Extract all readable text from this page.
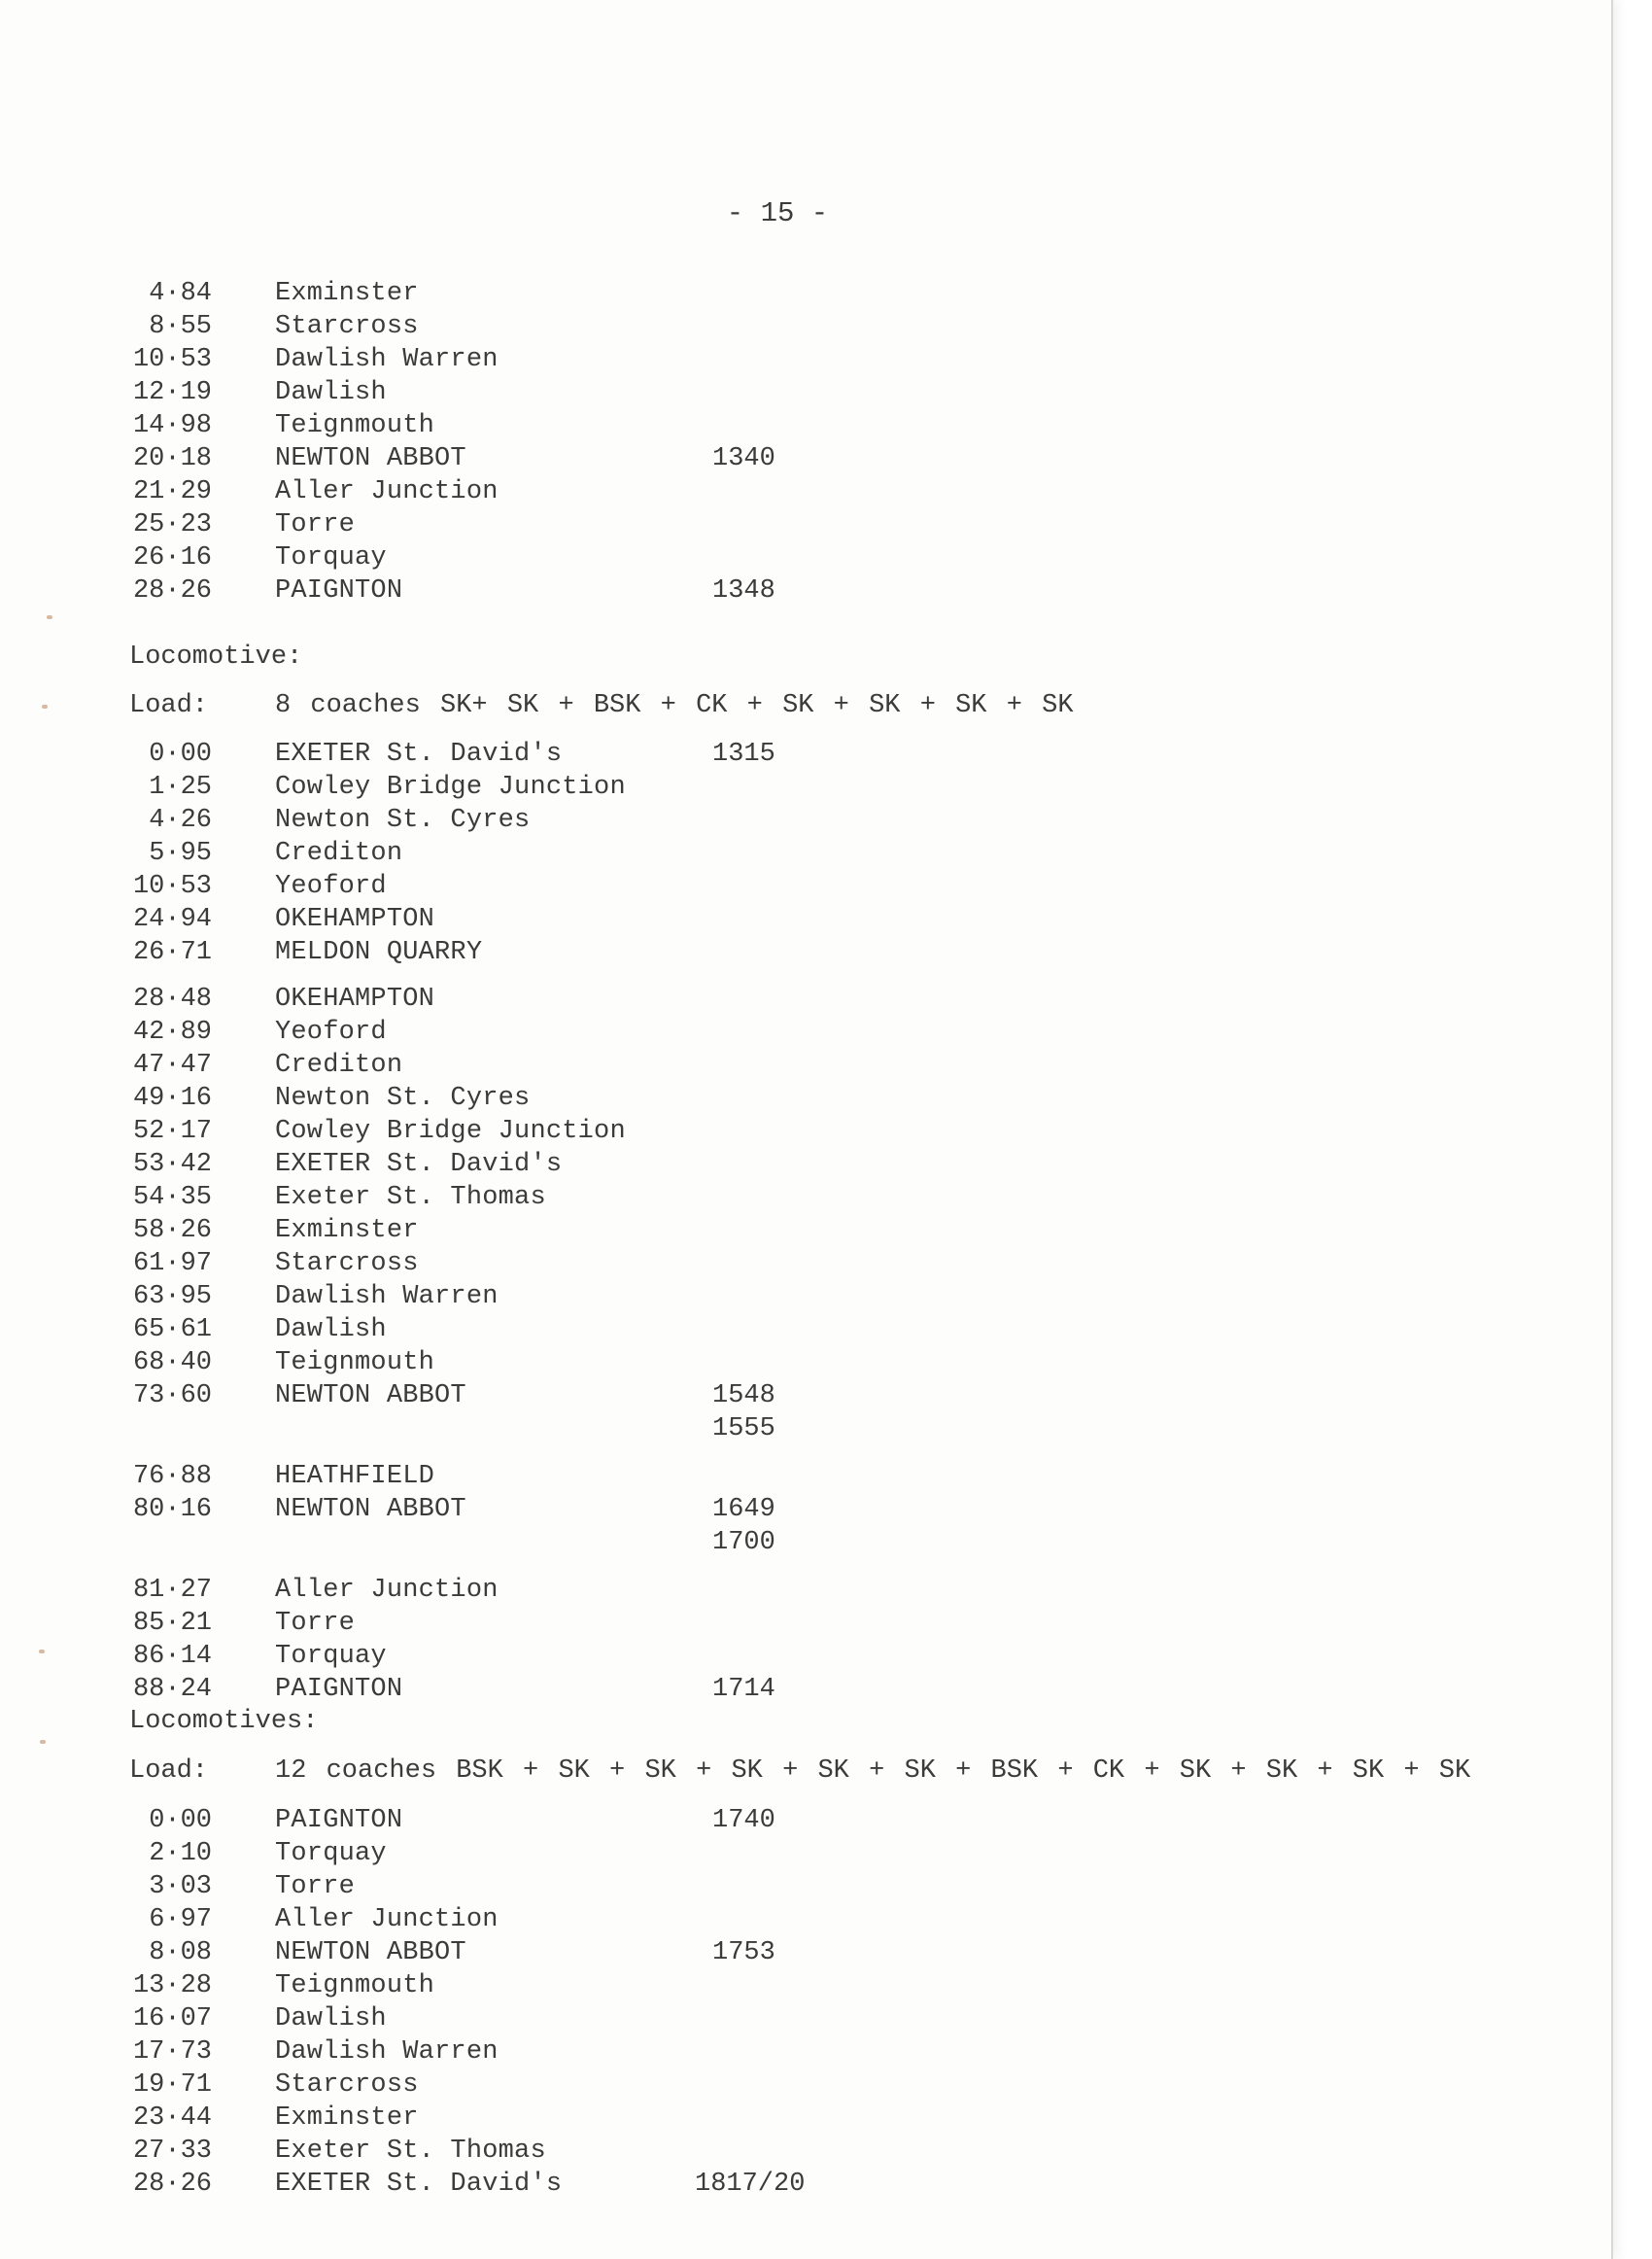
- 15 -
4·84 Exminster
8·55 Starcross
10·53 Dawlish Warren
12·19 Dawlish
14·98 Teignmouth
20·18 NEWTON ABBOT	1340
21·29 Aller Junction
25·23 Torre
26·16 Torquay
28·26 PAIGNTON	1348
Locomotive:
Load:	8 coaches SK+ SK + BSK + CK + SK + SK + SK + SK
0·00 EXETER St. David's	1315
1·25 Cowley Bridge Junction
4·26 Newton St. Cyres
5·95 Crediton
10·53 Yeoford
24·94 OKEHAMPTON
26·71 MELDON QUARRY
28·48 OKEHAMPTON
42·89 Yeoford
47·47 Crediton
49·16 Newton St. Cyres
52·17 Cowley Bridge Junction
53·42 EXETER St. David's
54·35 Exeter St. Thomas
58·26 Exminster
61·97 Starcross
63·95 Dawlish Warren
65·61 Dawlish
68·40 Teignmouth
73·60 NEWTON ABBOT	1548
1555
76·88 HEATHFIELD
80·16 NEWTON ABBOT	1649
1700
81·27 Aller Junction
85·21 Torre
86·14 Torquay
88·24 PAIGNTON	1714
Locomotives:
Load:	12 coaches BSK + SK + SK + SK + SK + SK + BSK + CK + SK + SK + SK + SK
0·00 PAIGNTON	1740
2·10 Torquay
3·03 Torre
6·97 Aller Junction
8·08 NEWTON ABBOT	1753
13·28 Teignmouth
16·07 Dawlish
17·73 Dawlish Warren
19·71 Starcross
23·44 Exminster
27·33 Exeter St. Thomas
28·26 EXETER St. David's	1817/20
